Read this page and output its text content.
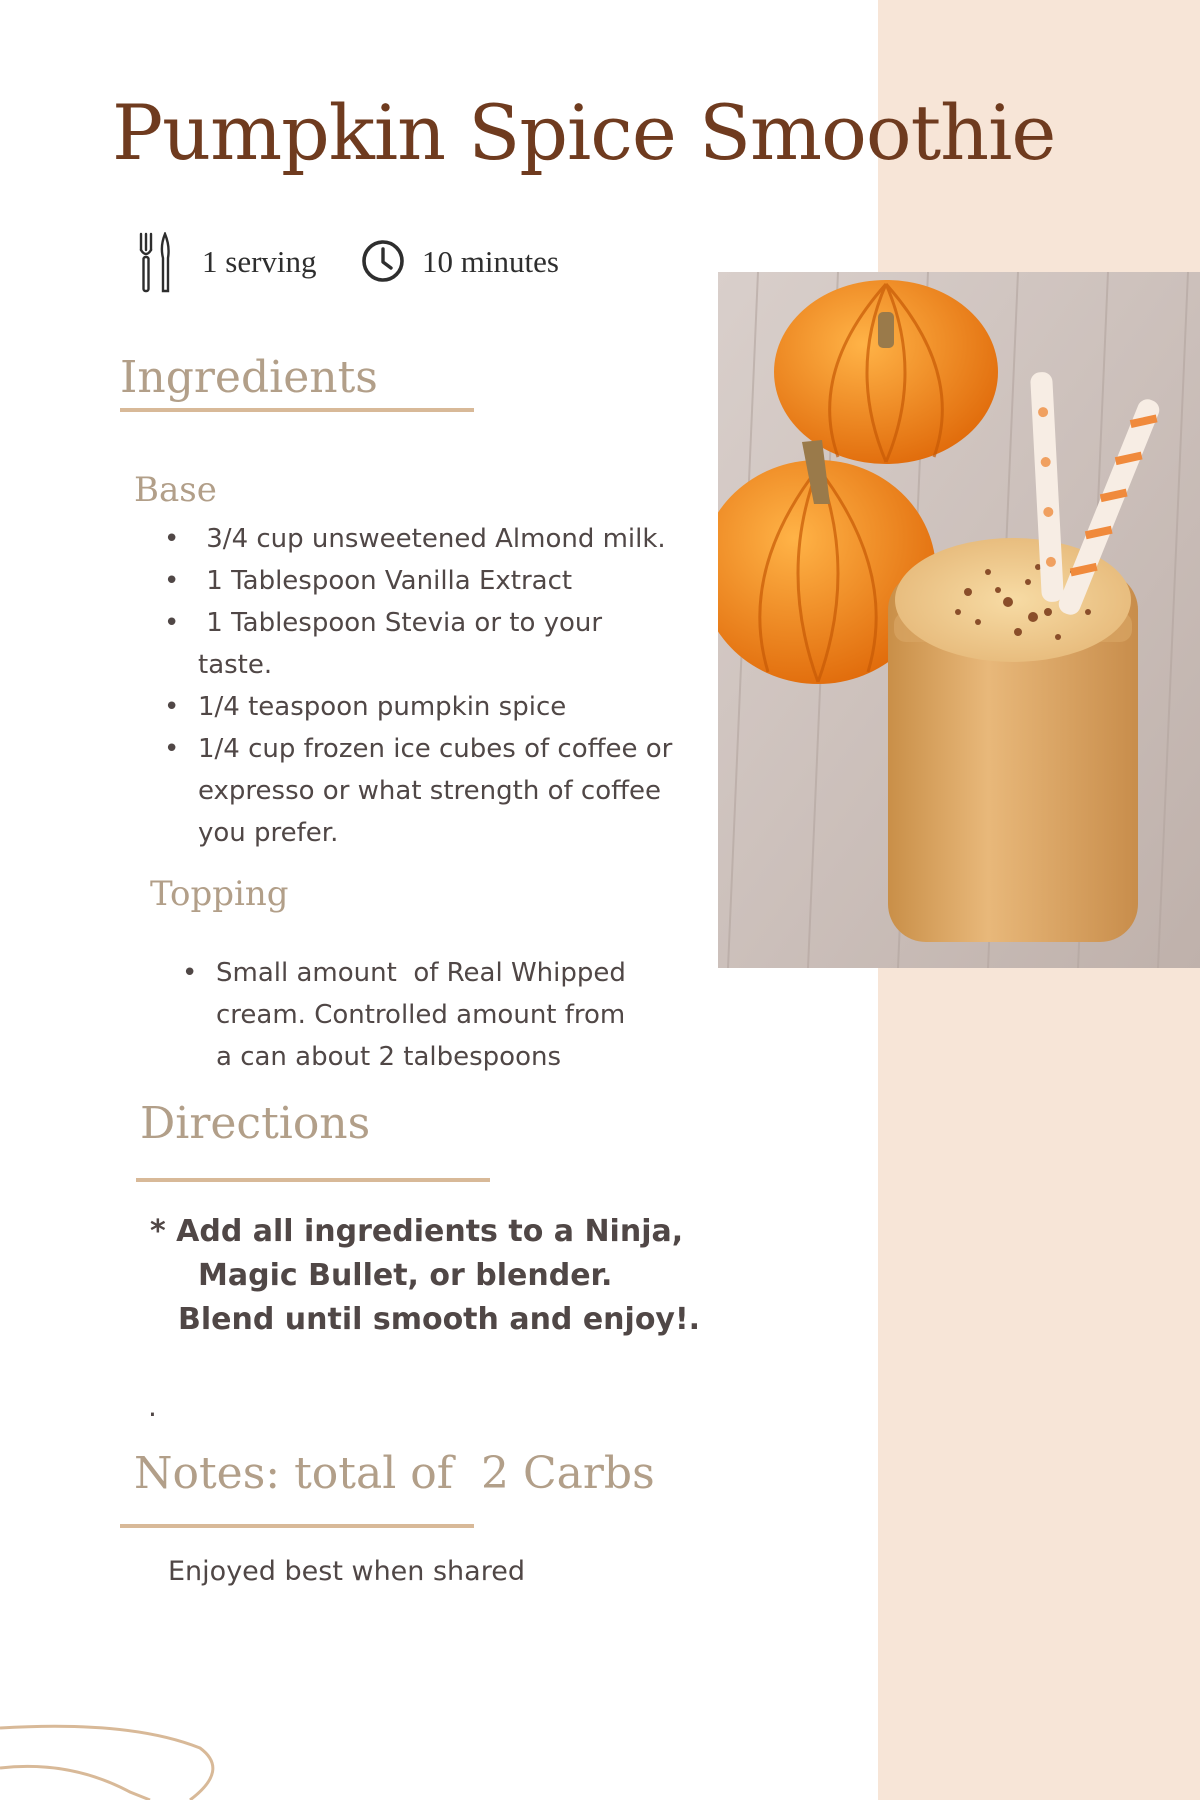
Pumpkin Spice Smoothie
1 serving	10 minutes
Ingredients
Base
• 3/4 cup unsweetened Almond milk.
• 1 Tablespoon Vanilla Extract
• 1 Tablespoon Stevia or to your
taste.
• 1/4 teaspoon pumpkin spice
• 1/4 cup frozen ice cubes of coffee or
expresso or what strength of coffee
you prefer.
Topping
• Small amount  of Real Whipped
cream. Controlled amount from
a can about 2 talbespoons
Directions
* Add all ingredients to a Ninja,
Magic Bullet, or blender.
Blend until smooth and enjoy!.
.
Notes: total of  2 Carbs
Enjoyed best when shared
